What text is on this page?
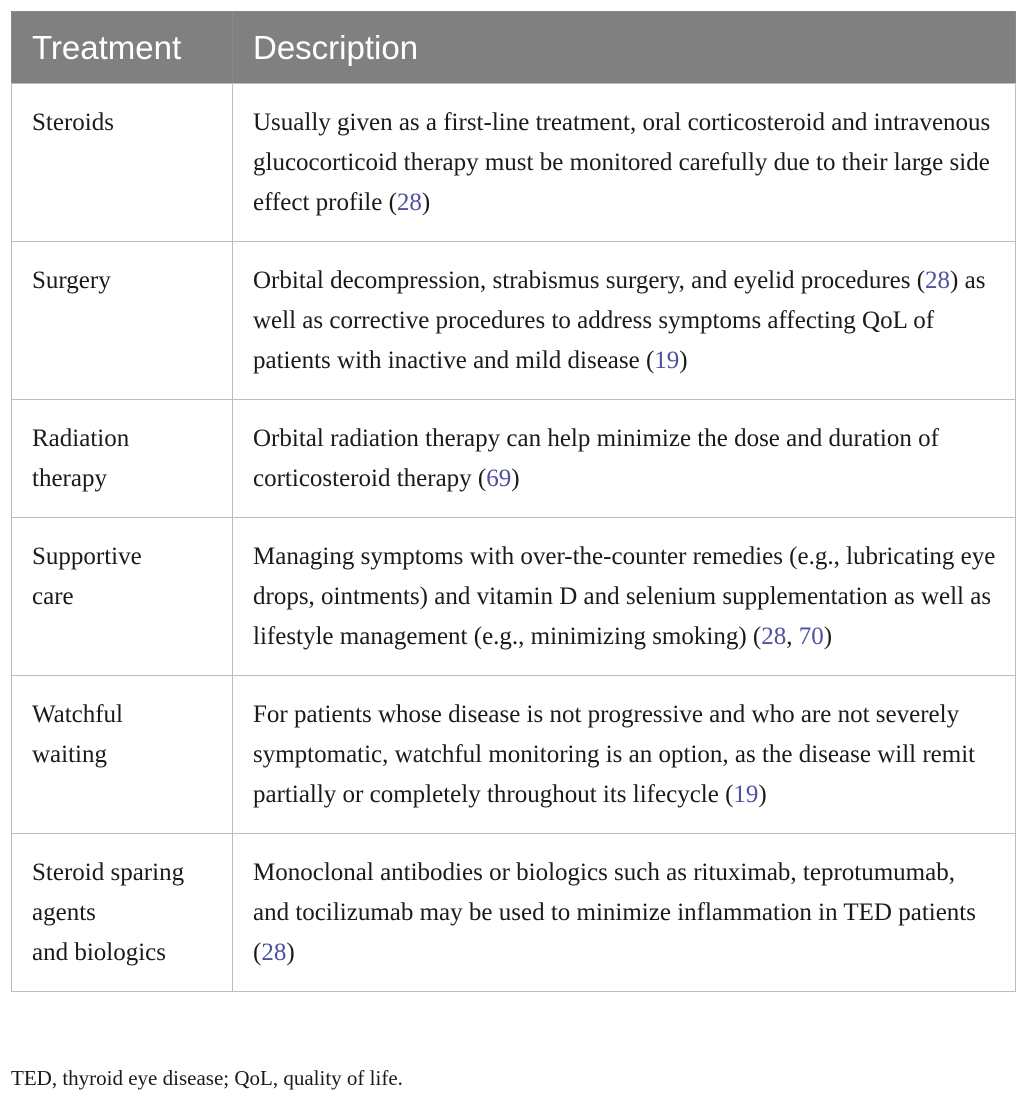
Treatment	Description

Steroids	Usually given as a first-line treatment, oral corticosteroid and intravenous glucocorticoid therapy must be monitored carefully due to their large side effect profile (28)

Surgery	Orbital decompression, strabismus surgery, and eyelid procedures (28) as well as corrective procedures to address symptoms affecting QoL of patients with inactive and mild disease (19)

Radiation
therapy	Orbital radiation therapy can help minimize the dose and duration of corticosteroid therapy (69)

Supportive
care	Managing symptoms with over-the-counter remedies (e.g., lubricating eye drops, ointments) and vitamin D and selenium supplementation as well as lifestyle management (e.g., minimizing smoking) (28, 70)

Watchful
waiting	For patients whose disease is not progressive and who are not severely symptomatic, watchful monitoring is an option, as the disease will remit partially or completely throughout its lifecycle (19)

Steroid sparing
agents
and biologics	Monoclonal antibodies or biologics such as rituximab, teprotumumab, and tocilizumab may be used to minimize inflammation in TED patients (28)
TED, thyroid eye disease; QoL, quality of life.
